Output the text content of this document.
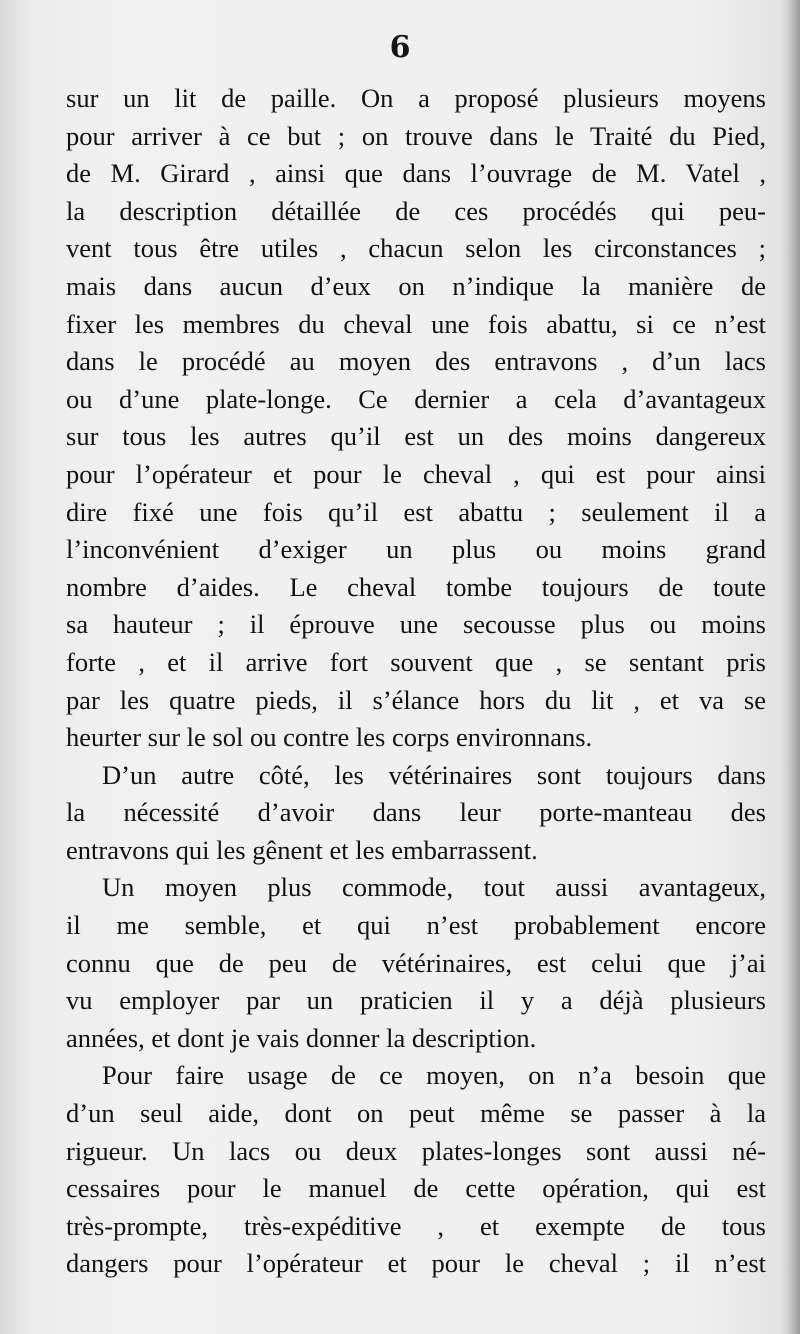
6
sur un lit de paille. On a proposé plusieurs moyens
pour arriver à ce but ; on trouve dans le Traité du Pied,
de M. Girard , ainsi que dans l’ouvrage de M. Vatel ,
la description détaillée de ces procédés qui peu-
vent tous être utiles , chacun selon les circonstances ;
mais dans aucun d’eux on n’indique la manière de
fixer les membres du cheval une fois abattu, si ce n’est
dans le procédé au moyen des entravons , d’un lacs
ou d’une plate-longe. Ce dernier a cela d’avantageux
sur tous les autres qu’il est un des moins dangereux
pour l’opérateur et pour le cheval , qui est pour ainsi
dire fixé une fois qu’il est abattu ; seulement il a
l’inconvénient d’exiger un plus ou moins grand
nombre d’aides. Le cheval tombe toujours de toute
sa hauteur ; il éprouve une secousse plus ou moins
forte , et il arrive fort souvent que , se sentant pris
par les quatre pieds, il s’élance hors du lit , et va se
heurter sur le sol ou contre les corps environnans.
D’un autre côté, les vétérinaires sont toujours dans
la nécessité d’avoir dans leur porte-manteau des
entravons qui les gênent et les embarrassent.
Un moyen plus commode, tout aussi avantageux,
il me semble, et qui n’est probablement encore
connu que de peu de vétérinaires, est celui que j’ai
vu employer par un praticien il y a déjà plusieurs
années, et dont je vais donner la description.
Pour faire usage de ce moyen, on n’a besoin que
d’un seul aide, dont on peut même se passer à la
rigueur. Un lacs ou deux plates-longes sont aussi né-
cessaires pour le manuel de cette opération, qui est
très-prompte, très-expéditive , et exempte de tous
dangers pour l’opérateur et pour le cheval ; il n’est
